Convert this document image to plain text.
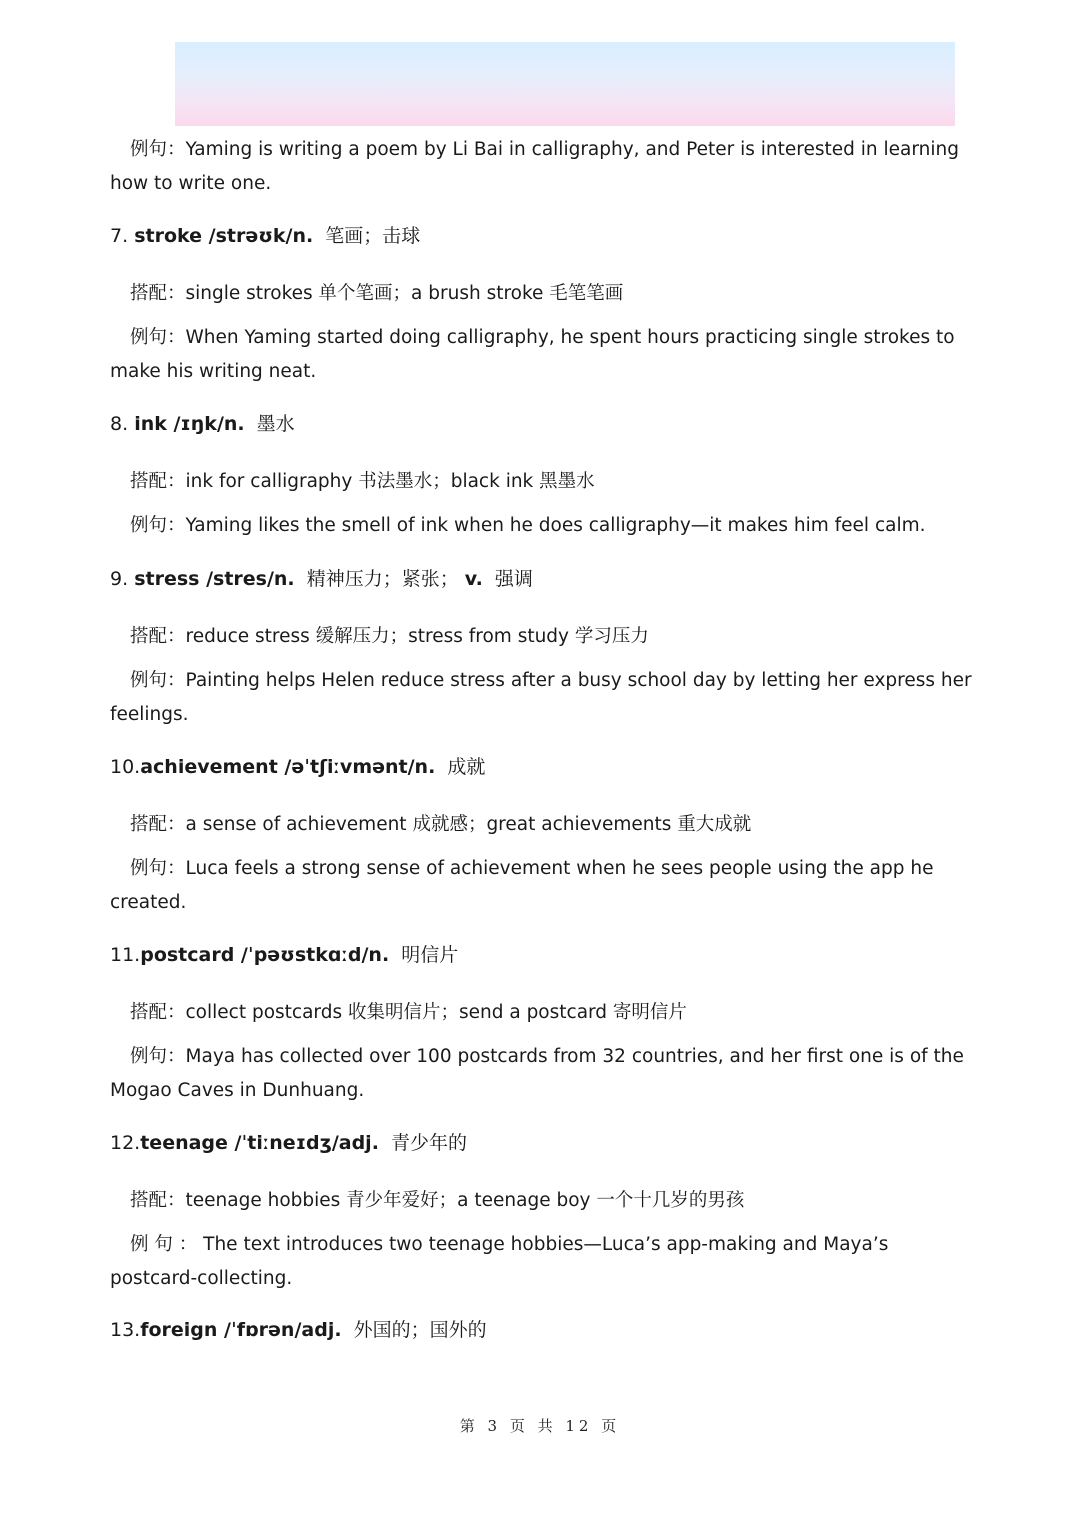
例句：Yaming is writing a poem by Li Bai in calligraphy, and Peter is interested in learning
how to write one.
7. stroke /strəʊk/n. 笔画；击球
搭配：single strokes 单个笔画；a brush stroke 毛笔笔画
例句：When Yaming started doing calligraphy, he spent hours practicing single strokes to
make his writing neat.
8. ink /ɪŋk/n. 墨水
搭配：ink for calligraphy 书法墨水；black ink 黑墨水
例句：Yaming likes the smell of ink when he does calligraphy—it makes him feel calm.
9. stress /stres/n. 精神压力；紧张； v. 强调
搭配：reduce stress 缓解压力；stress from study 学习压力
例句：Painting helps Helen reduce stress after a busy school day by letting her express her
feelings.
10.achievement /əˈtʃiːvmənt/n. 成就
搭配：a sense of achievement 成就感；great achievements 重大成就
例句：Luca feels a strong sense of achievement when he sees people using the app he
created.
11.postcard /ˈpəʊstkɑːd/n. 明信片
搭配：collect postcards 收集明信片；send a postcard 寄明信片
例句：Maya has collected over 100 postcards from 32 countries, and her first one is of the
Mogao Caves in Dunhuang.
12.teenage /ˈtiːneɪdʒ/adj. 青少年的
搭配：teenage hobbies 青少年爱好；a teenage boy 一个十几岁的男孩
例 句 ： The text introduces two teenage hobbies—Luca’s app-making and Maya’s
postcard-collecting.
13.foreign /ˈfɒrən/adj. 外国的；国外的
第 3 页 共 12 页
